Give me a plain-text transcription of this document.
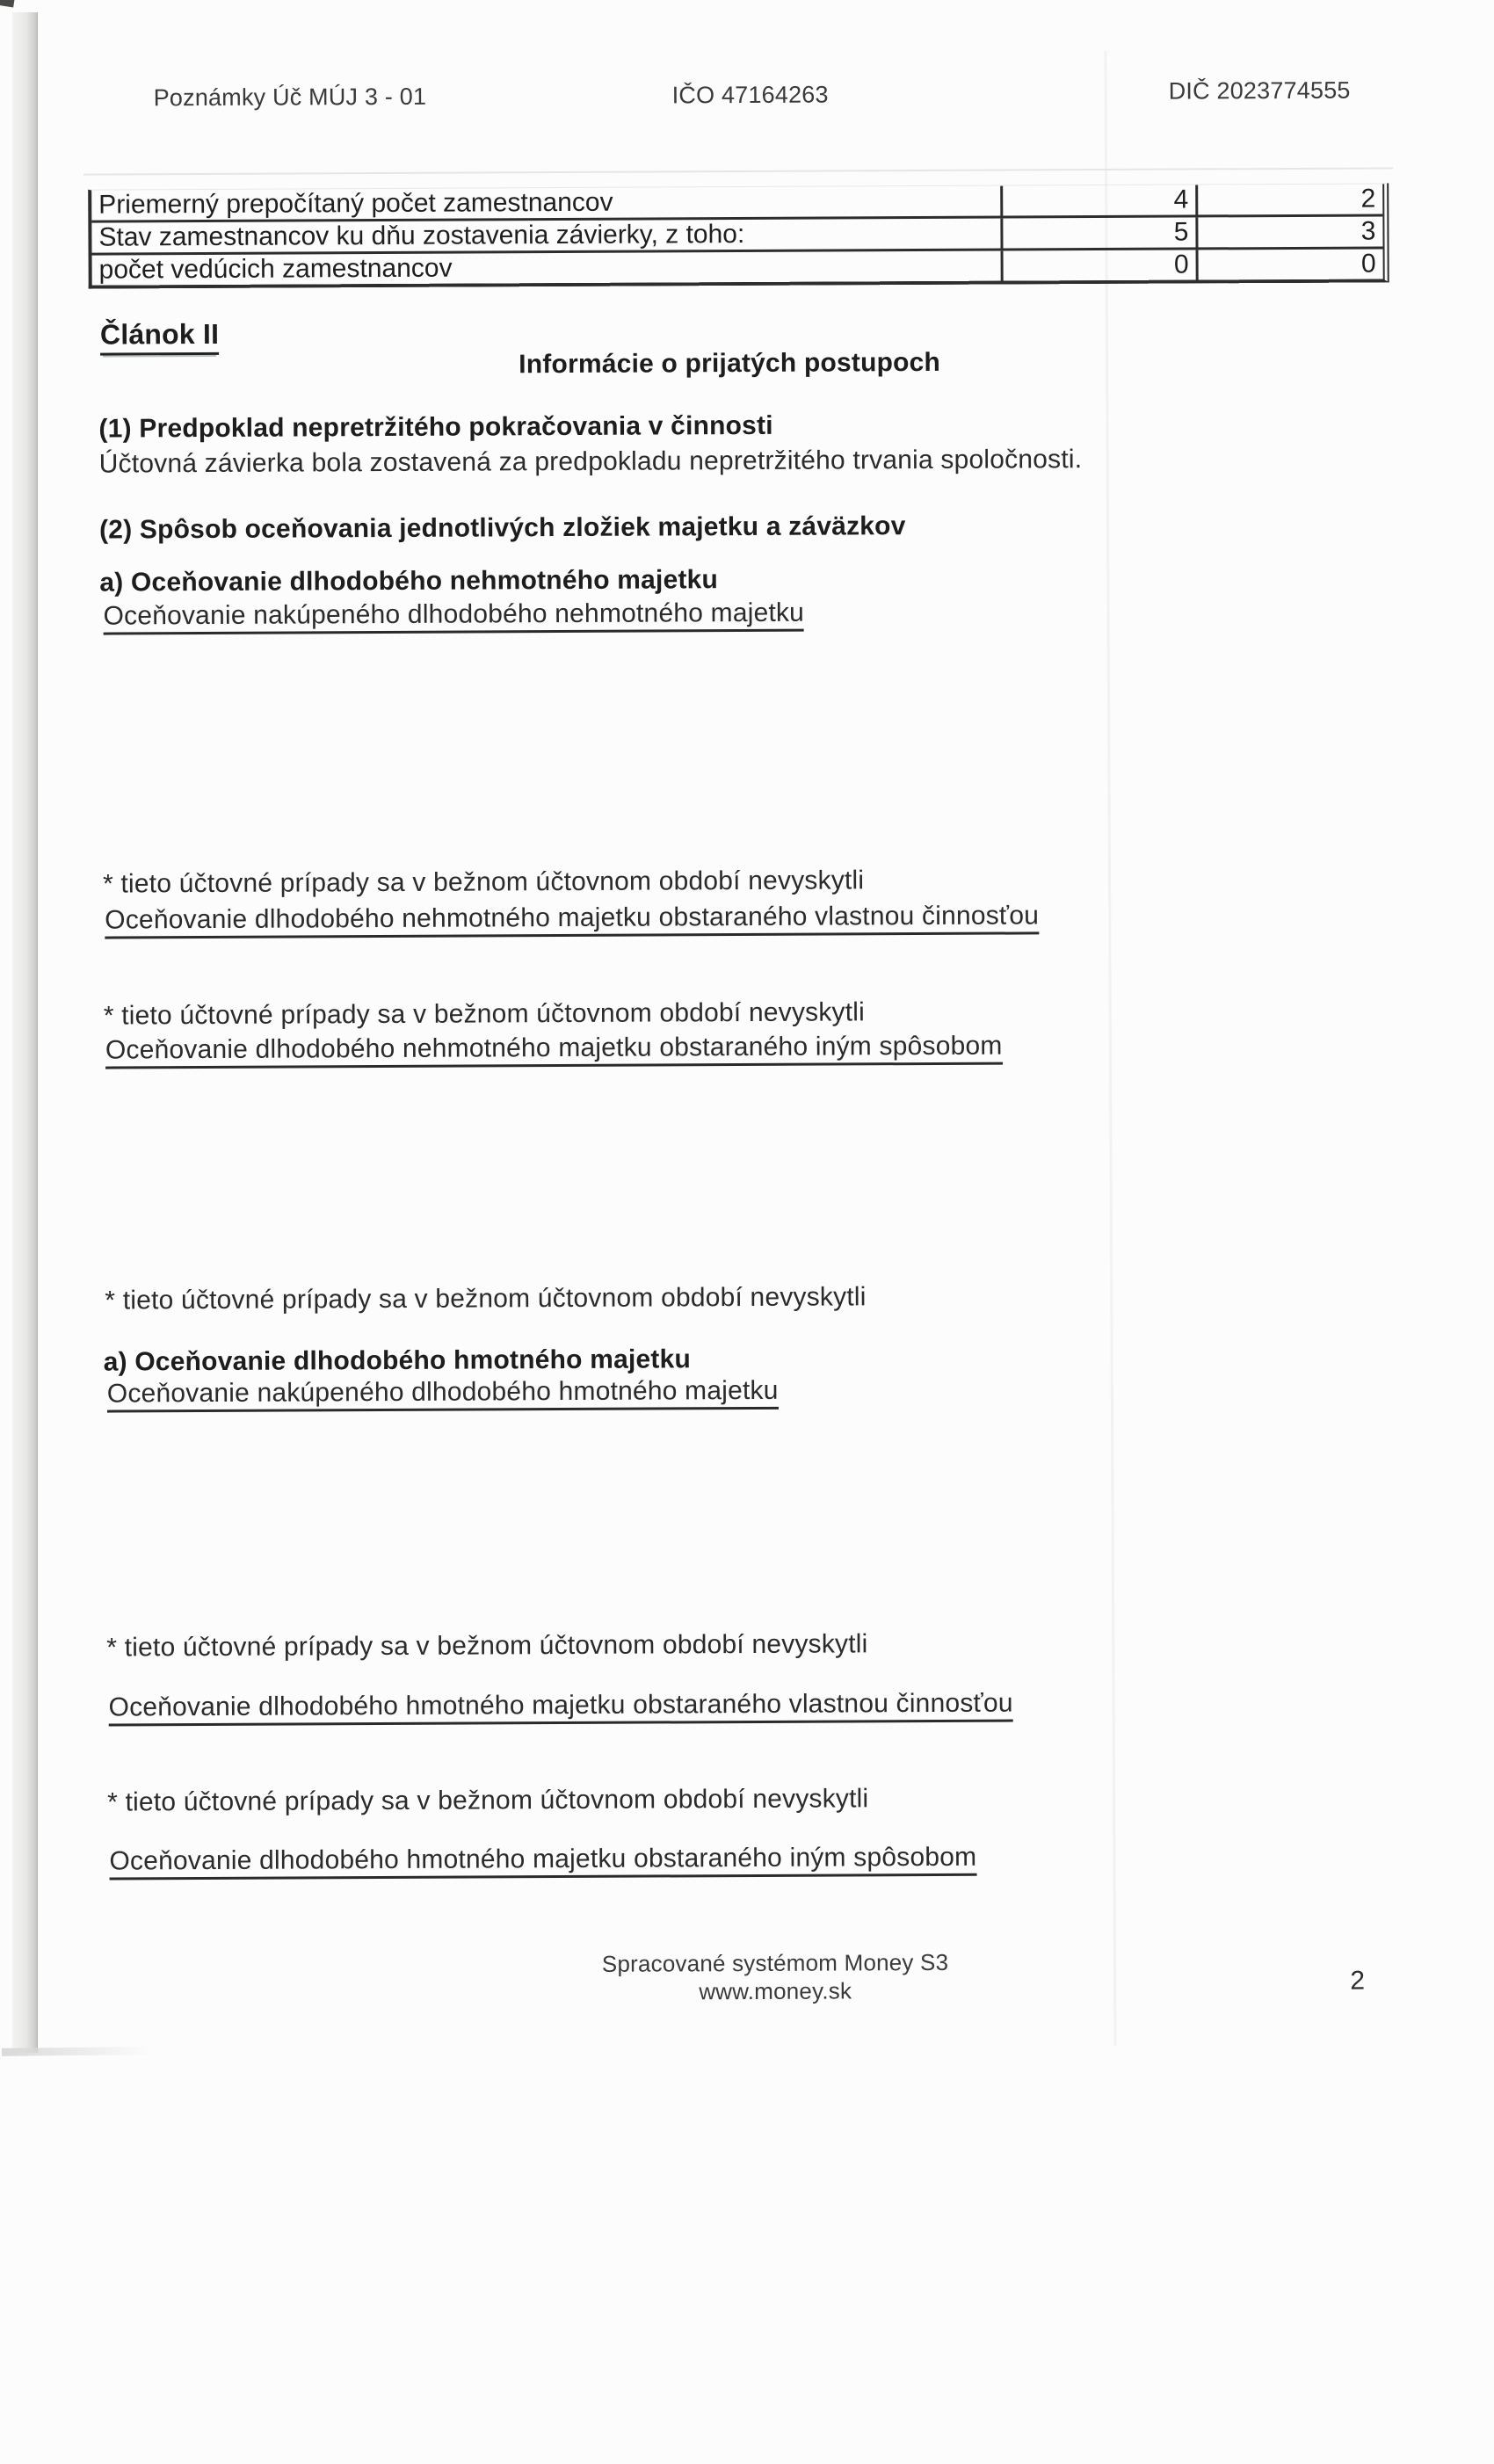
Poznámky Úč MÚJ 3 - 01	IČO 47164263	DIČ 2023774555
Priemerný prepočítaný počet zamestnancov	4	2
Stav zamestnancov ku dňu zostavenia závierky, z toho:	5	3
počet vedúcich zamestnancov	0	0
Článok II
Informácie o prijatých postupoch
(1) Predpoklad nepretržitého pokračovania v činnosti
Účtovná závierka bola zostavená za predpokladu nepretržitého trvania spoločnosti.
(2) Spôsob oceňovania jednotlivých zložiek majetku a záväzkov
a) Oceňovanie dlhodobého nehmotného majetku
Oceňovanie nakúpeného dlhodobého nehmotného majetku
* tieto účtovné prípady sa v bežnom účtovnom období nevyskytli
Oceňovanie dlhodobého nehmotného majetku obstaraného vlastnou činnosťou
* tieto účtovné prípady sa v bežnom účtovnom období nevyskytli
Oceňovanie dlhodobého nehmotného majetku obstaraného iným spôsobom
* tieto účtovné prípady sa v bežnom účtovnom období nevyskytli
a) Oceňovanie dlhodobého hmotného majetku
Oceňovanie nakúpeného dlhodobého hmotného majetku
* tieto účtovné prípady sa v bežnom účtovnom období nevyskytli
Oceňovanie dlhodobého hmotného majetku obstaraného vlastnou činnosťou
* tieto účtovné prípady sa v bežnom účtovnom období nevyskytli
Oceňovanie dlhodobého hmotného majetku obstaraného iným spôsobom
Spracované systémom Money S3
www.money.sk	2
